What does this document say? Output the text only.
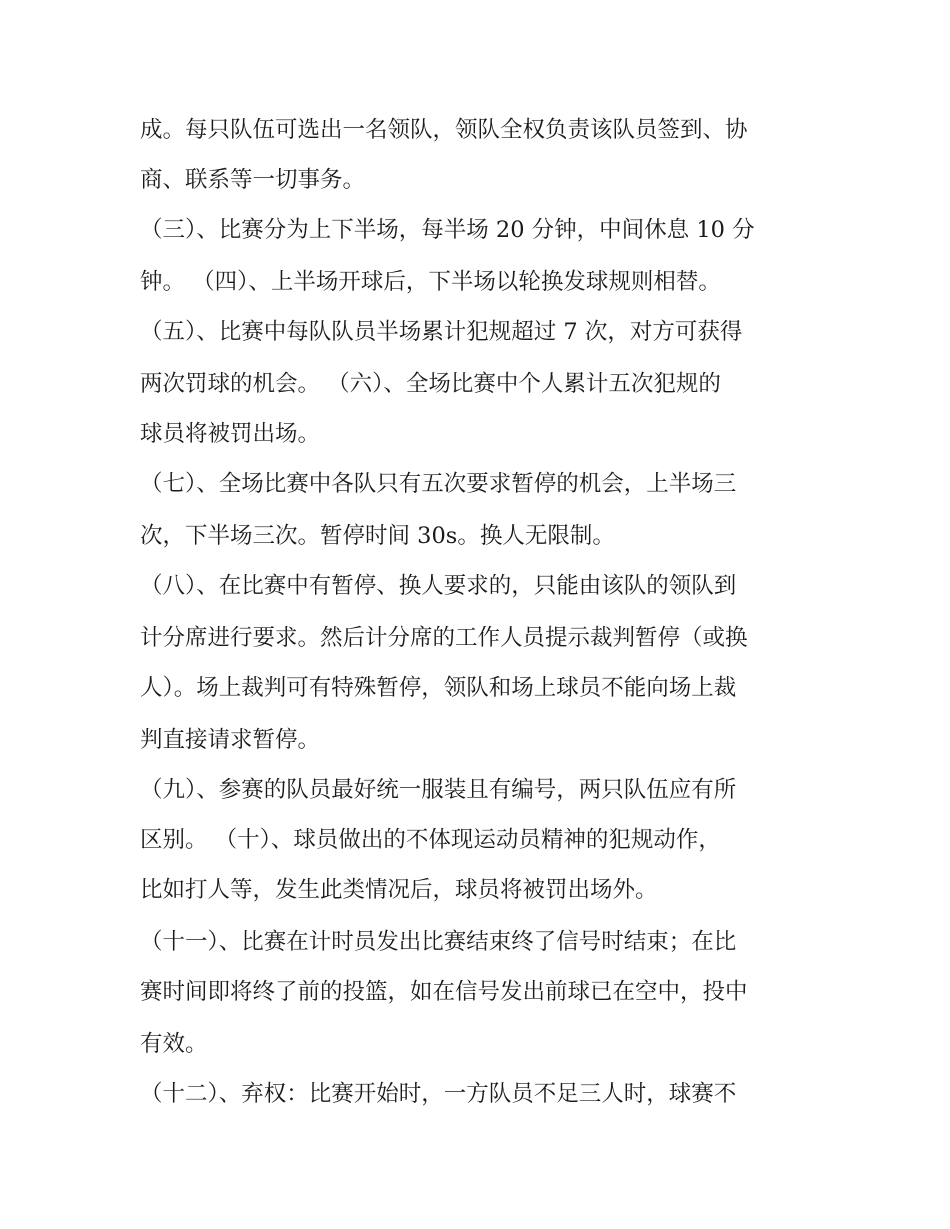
成。每只队伍可选出一名领队，领队全权负责该队员签到、协
商、联系等一切事务。
（三）、比赛分为上下半场，每半场 20 分钟，中间休息 10 分
钟。 （四）、上半场开球后，下半场以轮换发球规则相替。
（五）、比赛中每队队员半场累计犯规超过 7 次，对方可获得
两次罚球的机会。 （六）、全场比赛中个人累计五次犯规的
球员将被罚出场。
（七）、全场比赛中各队只有五次要求暂停的机会，上半场三
次，下半场三次。暂停时间 30s。换人无限制。
（八）、在比赛中有暂停、换人要求的，只能由该队的领队到
计分席进行要求。然后计分席的工作人员提示裁判暂停（或换
人）。场上裁判可有特殊暂停，领队和场上球员不能向场上裁
判直接请求暂停。
（九）、参赛的队员最好统一服装且有编号，两只队伍应有所
区别。 （十）、球员做出的不体现运动员精神的犯规动作，
比如打人等，发生此类情况后，球员将被罚出场外。
（十一）、比赛在计时员发出比赛结束终了信号时结束；在比
赛时间即将终了前的投篮，如在信号发出前球已在空中，投中
有效。
（十二）、弃权：比赛开始时，一方队员不足三人时，球赛不
